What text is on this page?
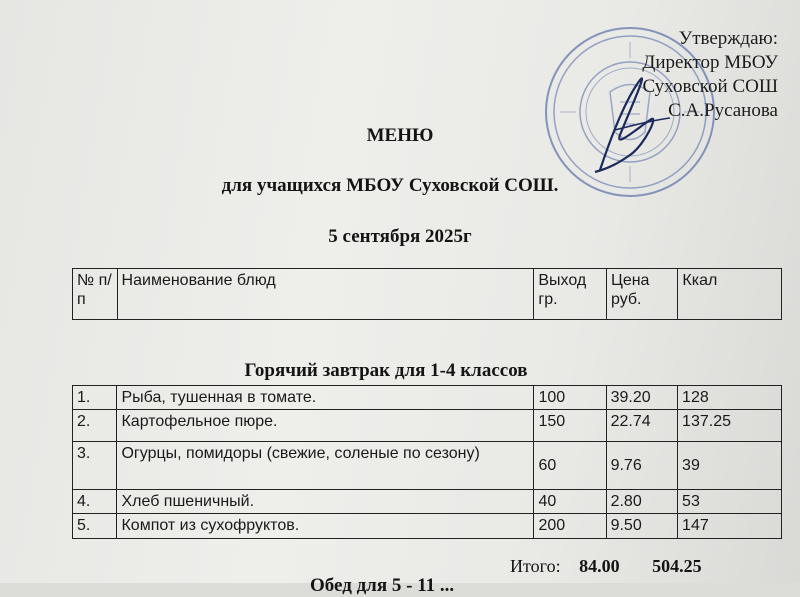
Утверждаю:
Директор МБОУ
Суховской СОШ
С.А.Русанова
МЕНЮ
для учащихся МБОУ Суховской СОШ.
5 сентября 2025г
№ п/п	Наименование блюд	Выход гр.	Цена руб.	Ккал
Горячий завтрак для 1-4 классов
1.	Рыба, тушенная в томате.	100	39.20	128
2.	Картофельное пюре.	150	22.74	137.25
3.	Огурцы, помидоры (свежие, соленые по сезону)	60	9.76	39
4.	Хлеб пшеничный.	40	2.80	53
5.	Компот из сухофруктов.	200	9.50	147
Итого: 84.00 504.25
Обед для 5 - 11 ...
